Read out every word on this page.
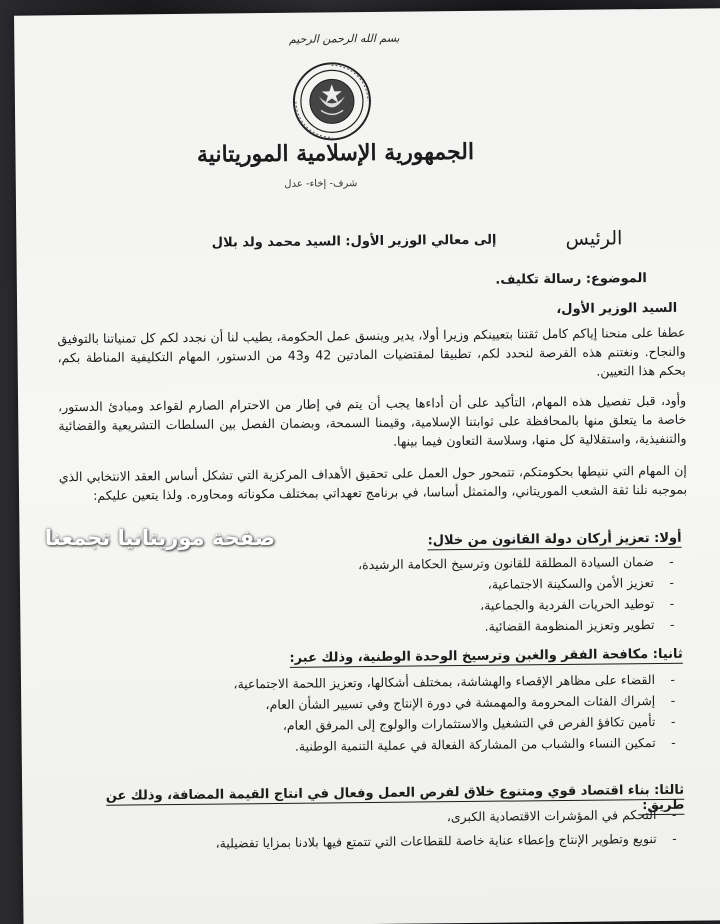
بسم الله الرحمن الرحيم
الجمهورية الإسلامية الموريتانية
شرف- إخاء- عدل
الرئيس
إلى معالي الوزير الأول: السيد محمد ولد بلال
الموضوع: رسالة تكليف.
السيد الوزير الأول،
عطفا على منحنا إياكم كامل ثقتنا بتعيينكم وزيرا أولا، يدير وينسق عمل الحكومة، يطيب لنا أن نجدد لكم كل تمنياتنا بالتوفيق والنجاح. ونغتنم هذه الفرصة لنحدد لكم، تطبيقا لمقتضيات المادتين 42 و43 من الدستور، المهام التكليفية المناطة بكم، بحكم هذا التعيين.
وأود، قبل تفصيل هذه المهام، التأكيد على أن أداءها يجب أن يتم في إطار من الاحترام الصارم لقواعد ومبادئ الدستور، خاصة ما يتعلق منها بالمحافظة على ثوابتنا الإسلامية، وقيمنا السمحة، وبضمان الفصل بين السلطات التشريعية والقضائية والتنفيذية، واستقلالية كل منها، وسلاسة التعاون فيما بينها.
إن المهام التي ننيطها بحكومتكم، تتمحور حول العمل على تحقيق الأهداف المركزية التي تشكل أساس العقد الانتخابي الذي بموجبه نلنا ثقة الشعب الموريتاني، والمتمثل أساسا، في برنامج تعهداتي بمختلف مكوناته ومحاوره. ولذا يتعين عليكم:
أولا: تعزيز أركان دولة القانون من خلال:
- ضمان السيادة المطلقة للقانون وترسيخ الحكامة الرشيدة،
- تعزيز الأمن والسكينة الاجتماعية،
- توطيد الحريات الفردية والجماعية،
- تطوير وتعزيز المنظومة القضائية.
ثانيا: مكافحة الفقر والغبن وترسيخ الوحدة الوطنية، وذلك عبر:
- القضاء على مظاهر الإقصاء والهشاشة، بمختلف أشكالها، وتعزيز اللحمة الاجتماعية،
- إشراك الفئات المحرومة والمهمشة في دورة الإنتاج وفي تسيير الشأن العام،
- تأمين تكافؤ الفرص في التشغيل والاستثمارات والولوج إلى المرفق العام،
- تمكين النساء والشباب من المشاركة الفعالة في عملية التنمية الوطنية.
ثالثا: بناء اقتصاد قوي ومتنوع خلاق لفرص العمل وفعال في انتاج القيمة المضافة، وذلك عن طريق:
- التحكم في المؤشرات الاقتصادية الكبرى،
- تنويع وتطوير الإنتاج وإعطاء عناية خاصة للقطاعات التي تتمتع فيها بلادنا بمزايا تفضيلية،
صفحة موريتانيا تجمعنا
